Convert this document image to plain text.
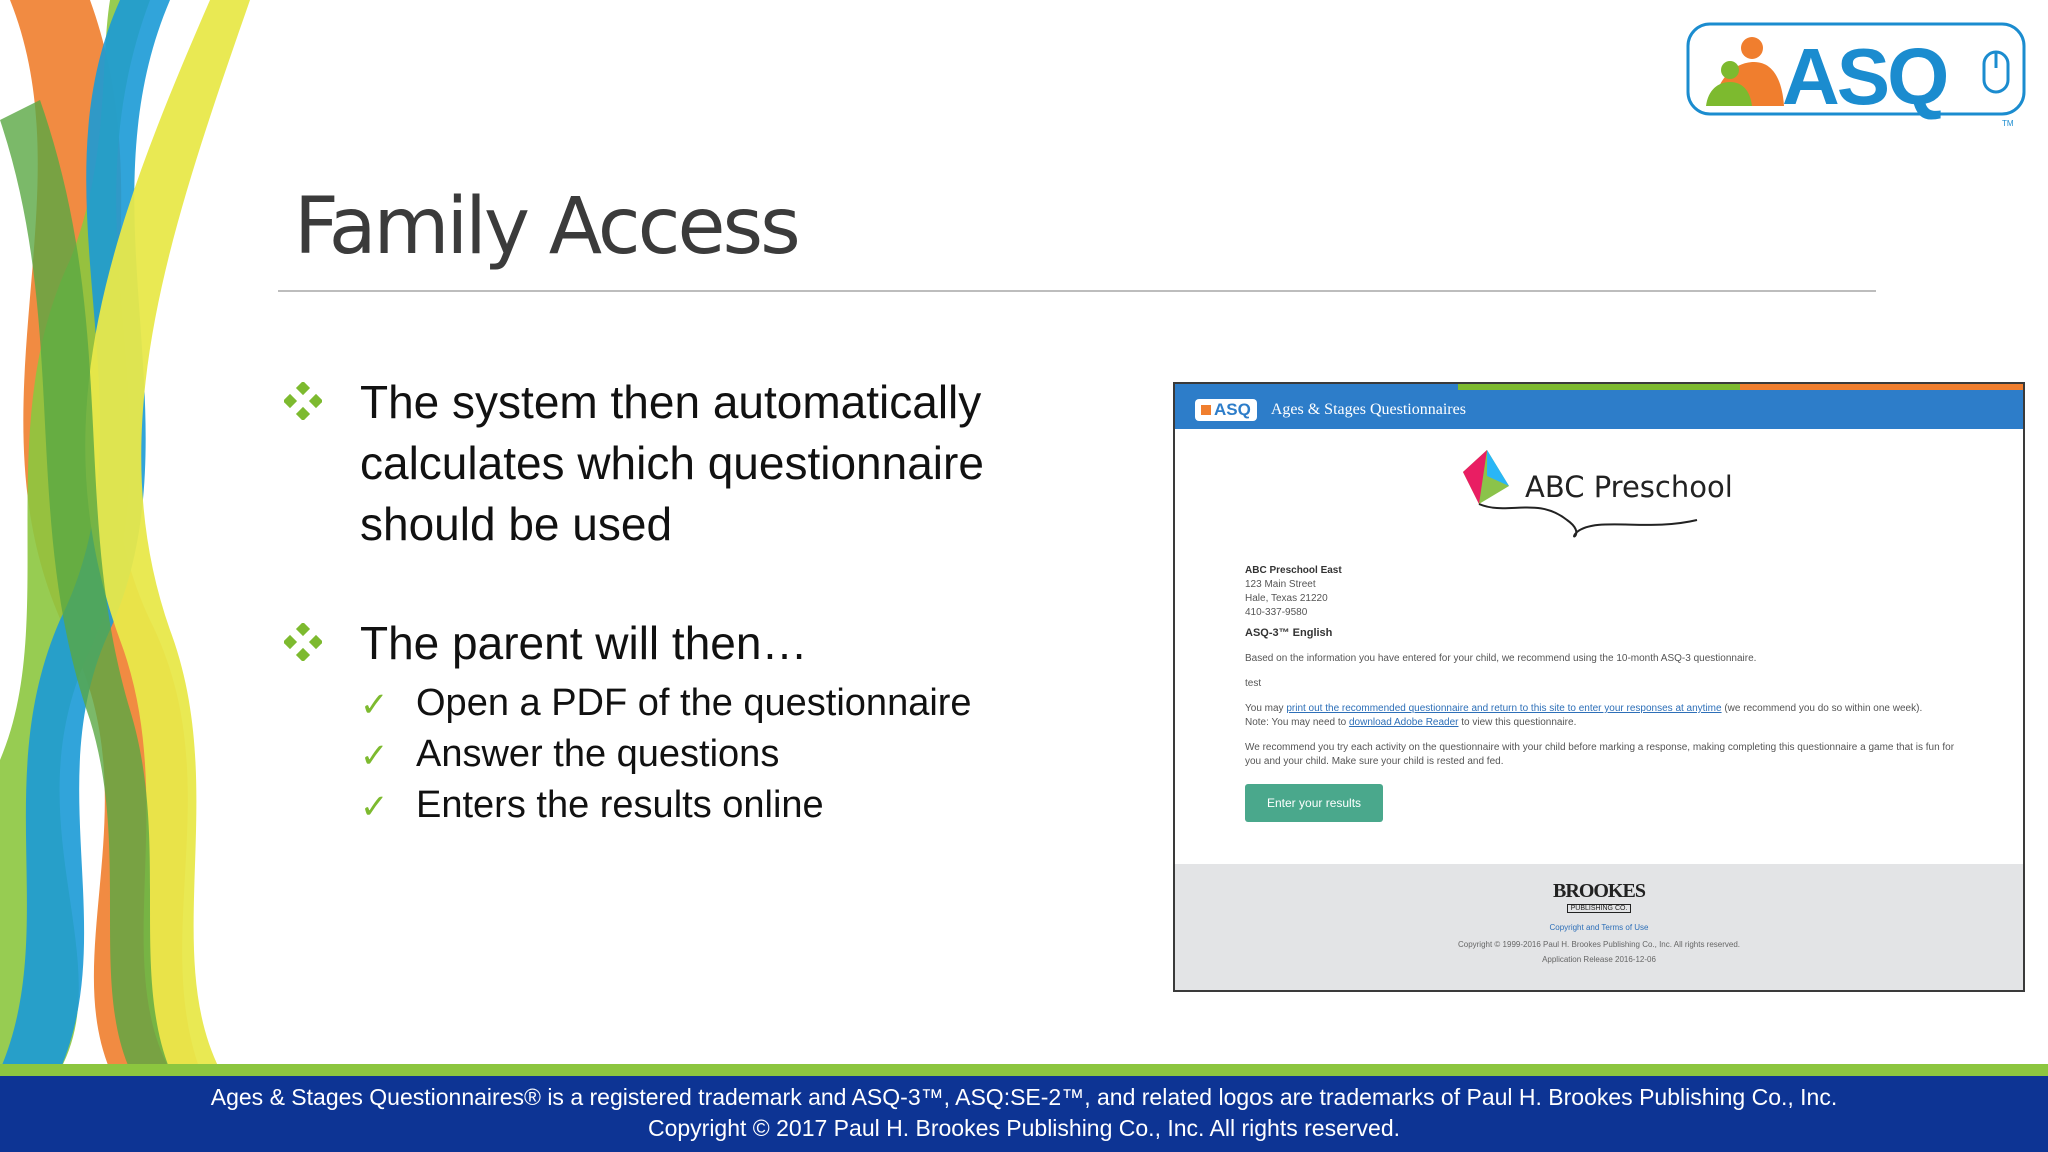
ASQ
TM
Family Access
The system then automatically calculates which questionnaire should be used
The parent will then…
✓ Open a PDF of the questionnaire
✓ Answer the questions
✓ Enters the results online
ASQ	Ages & Stages Questionnaires
ABC Preschool
ABC Preschool East
123 Main Street
Hale, Texas 21220
410-337-9580
ASQ-3™ English

Based on the information you have entered for your child, we recommend using the 10-month ASQ-3 questionnaire.

test

You may print out the recommended questionnaire and return to this site to enter your responses at anytime (we recommend you do so within one week).
Note: You may need to download Adobe Reader to view this questionnaire.

We recommend you try each activity on the questionnaire with your child before marking a response, making completing this questionnaire a game that is fun for you and your child. Make sure your child is rested and fed.

Enter your results
BROOKES
PUBLISHING CO.
Copyright and Terms of Use
Copyright © 1999-2016 Paul H. Brookes Publishing Co., Inc. All rights reserved.
Application Release 2016-12-06
Ages & Stages Questionnaires® is a registered trademark and ASQ-3™, ASQ:SE-2™, and related logos are trademarks of Paul H. Brookes Publishing Co., Inc.
Copyright © 2017 Paul H. Brookes Publishing Co., Inc. All rights reserved.
